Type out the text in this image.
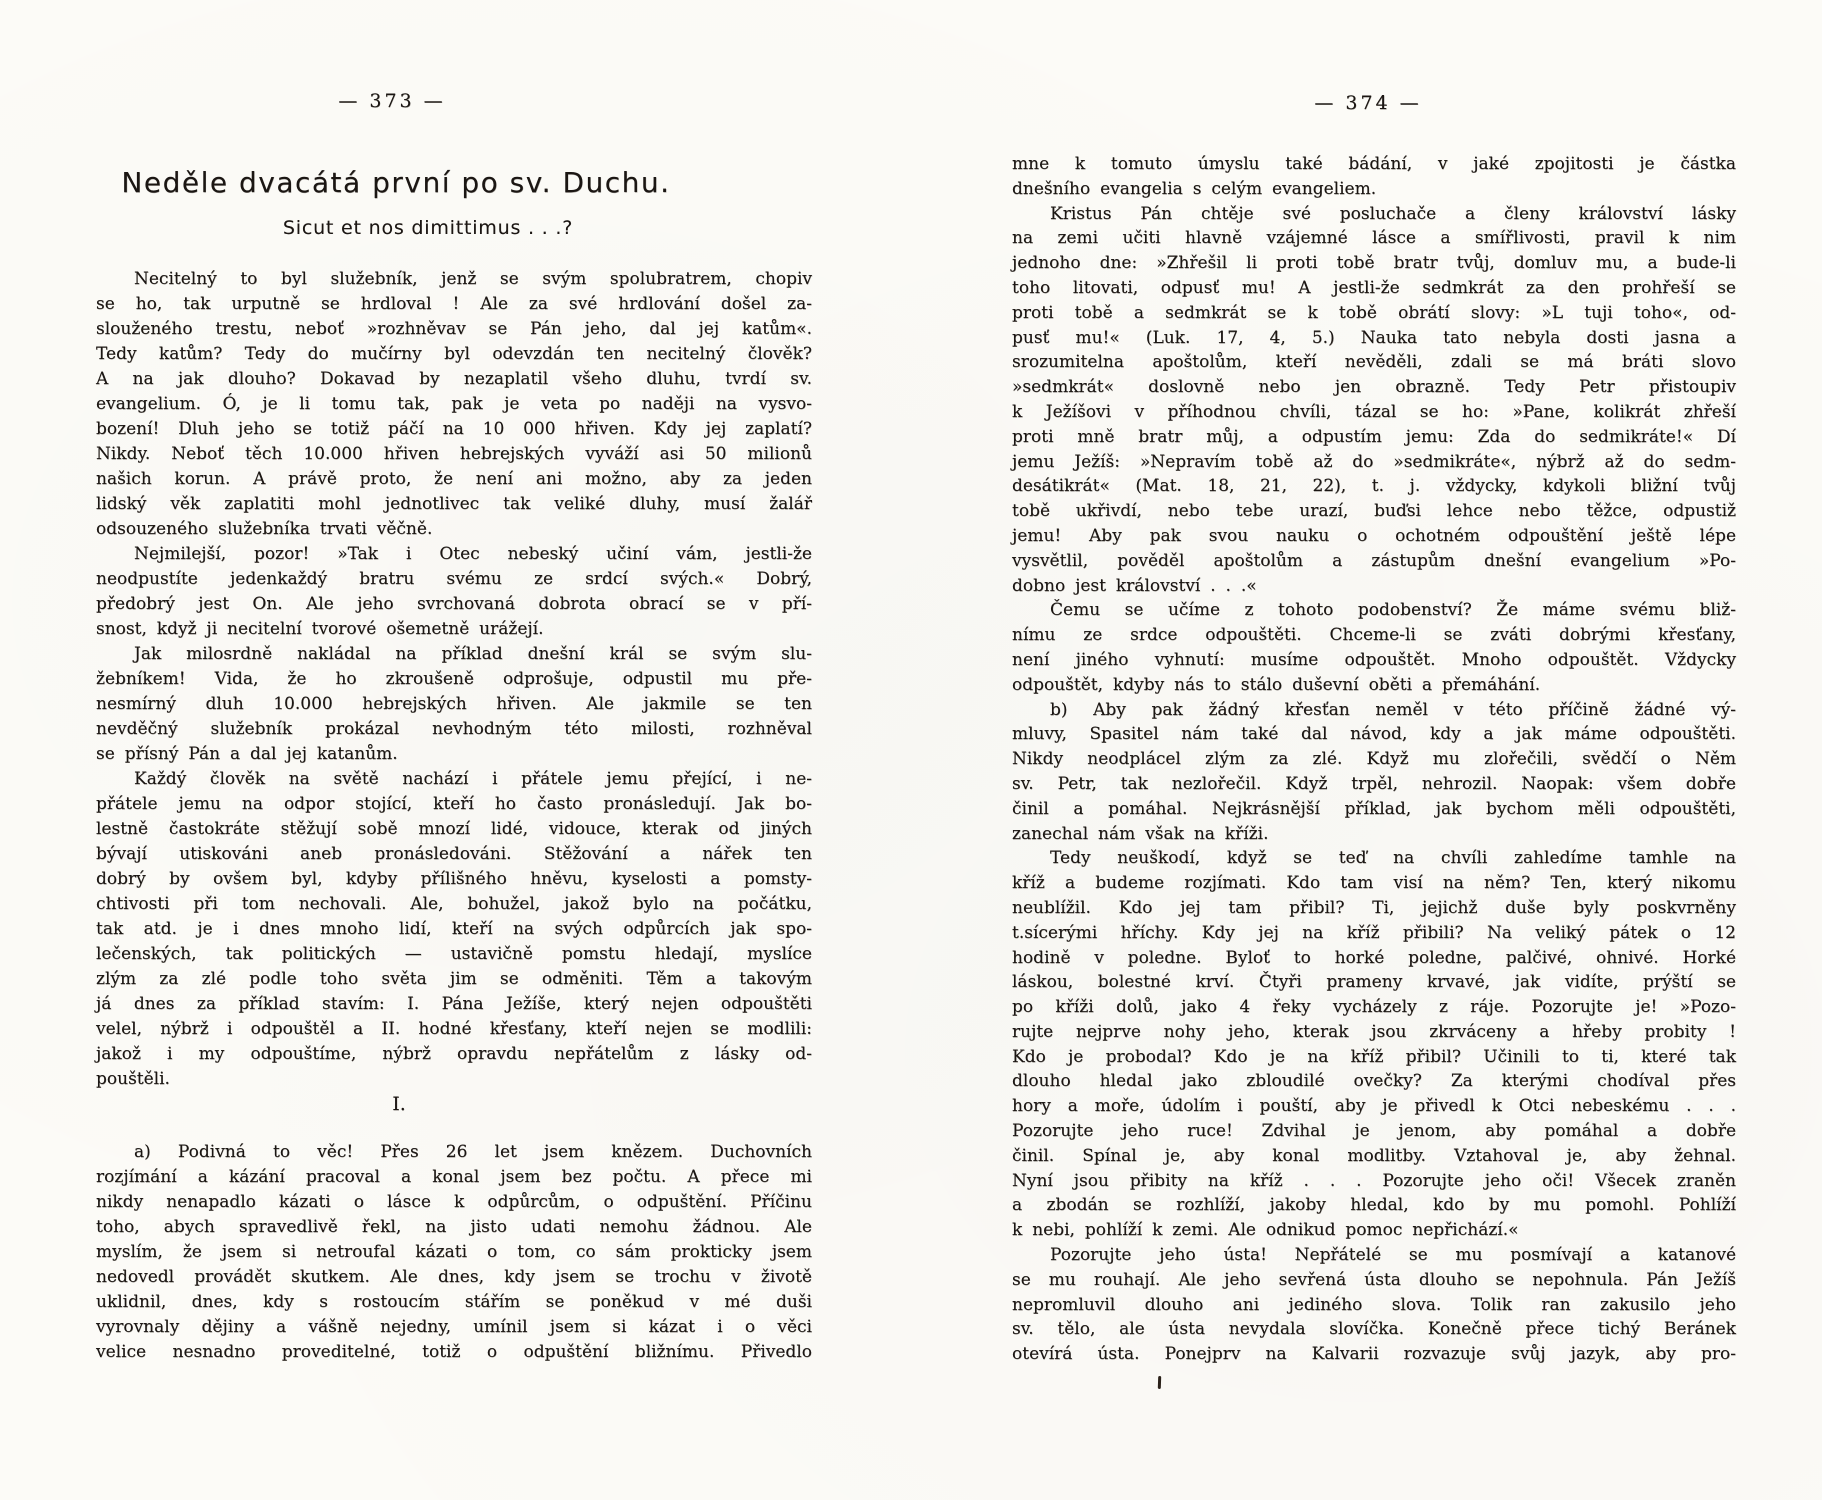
— 373 —
Neděle dvacátá první po sv. Duchu.
Sicut et nos dimittimus . . .?
Necitelný to byl služebník, jenž se svým spolubratrem, chopiv
se ho, tak urputně se hrdloval ! Ale za své hrdlování došel za-
slouženého trestu, neboť »rozhněvav se Pán jeho, dal jej katům«.
Tedy katům? Tedy do mučírny byl odevzdán ten necitelný člověk?
A na jak dlouho? Dokavad by nezaplatil všeho dluhu, tvrdí sv.
evangelium. Ó, je li tomu tak, pak je veta po naději na vysvo-
bození! Dluh jeho se totiž páčí na 10 000 hřiven. Kdy jej zaplatí?
Nikdy. Neboť těch 10.000 hřiven hebrejských vyváží asi 50 milionů
našich korun. A právě proto, že není ani možno, aby za jeden
lidský věk zaplatiti mohl jednotlivec tak veliké dluhy, musí žalář
odsouzeného služebníka trvati věčně.
Nejmilejší, pozor! »Tak i Otec nebeský učiní vám, jestli-že
neodpustíte jedenkaždý bratru svému ze srdcí svých.« Dobrý,
předobrý jest On. Ale jeho svrchovaná dobrota obrací se v pří-
snost, když ji necitelní tvorové ošemetně urážejí.
Jak milosrdně nakládal na příklad dnešní král se svým slu-
žebníkem! Vida, že ho zkroušeně odprošuje, odpustil mu pře-
nesmírný dluh 10.000 hebrejských hřiven. Ale jakmile se ten
nevděčný služebník prokázal nevhodným této milosti, rozhněval
se přísný Pán a dal jej katanům.
Každý člověk na světě nachází i přátele jemu přející, i ne-
přátele jemu na odpor stojící, kteří ho často pronásledují. Jak bo-
lestně častokráte stěžují sobě mnozí lidé, vidouce, kterak od jiných
bývají utiskováni aneb pronásledováni. Stěžování a nářek ten
dobrý by ovšem byl, kdyby přílišného hněvu, kyselosti a pomsty-
chtivosti při tom nechovali. Ale, bohužel, jakož bylo na počátku,
tak atd. je i dnes mnoho lidí, kteří na svých odpůrcích jak spo-
lečenských, tak politických — ustavičně pomstu hledají, myslíce
zlým za zlé podle toho světa jim se odměniti. Těm a takovým
já dnes za příklad stavím: I. Pána Ježíše, který nejen odpouštěti
velel, nýbrž i odpouštěl a II. hodné křesťany, kteří nejen se modlili:
jakož i my odpouštíme, nýbrž opravdu nepřátelům z lásky od-
pouštěli.
I.
a) Podivná to věc! Přes 26 let jsem knězem. Duchovních
rozjímání a kázání pracoval a konal jsem bez počtu. A přece mi
nikdy nenapadlo kázati o lásce k odpůrcům, o odpuštění. Příčinu
toho, abych spravedlivě řekl, na jisto udati nemohu žádnou. Ale
myslím, že jsem si netroufal kázati o tom, co sám prokticky jsem
nedovedl provádět skutkem. Ale dnes, kdy jsem se trochu v životě
uklidnil, dnes, kdy s rostoucím stářím se poněkud v mé duši
vyrovnaly dějiny a vášně nejedny, umínil jsem si kázat i o věci
velice nesnadno proveditelné, totiž o odpuštění bližnímu. Přivedlo
— 374 —
mne k tomuto úmyslu také bádání, v jaké zpojitosti je částka
dnešního evangelia s celým evangeliem.
Kristus Pán chtěje své posluchače a členy království lásky
na zemi učiti hlavně vzájemné lásce a smířlivosti, pravil k nim
jednoho dne: »Zhřešil li proti tobě bratr tvůj, domluv mu, a bude-li
toho litovati, odpusť mu! A jestli-že sedmkrát za den prohřeší se
proti tobě a sedmkrát se k tobě obrátí slovy: »L tuji toho«, od-
pusť mu!« (Luk. 17, 4, 5.) Nauka tato nebyla dosti jasna a
srozumitelna apoštolům, kteří nevěděli, zdali se má bráti slovo
»sedmkrát« doslovně nebo jen obrazně. Tedy Petr přistoupiv
k Ježíšovi v příhodnou chvíli, tázal se ho: »Pane, kolikrát zhřeší
proti mně bratr můj, a odpustím jemu: Zda do sedmikráte!« Dí
jemu Ježíš: »Nepravím tobě až do »sedmikráte«, nýbrž až do sedm-
desátikrát« (Mat. 18, 21, 22), t. j. vždycky, kdykoli bližní tvůj
tobě ukřivdí, nebo tebe urazí, buďsi lehce nebo těžce, odpustiž
jemu! Aby pak svou nauku o ochotném odpouštění ještě lépe
vysvětlil, pověděl apoštolům a zástupům dnešní evangelium »Po-
dobno jest království . . .«
Čemu se učíme z tohoto podobenství? Že máme svému bliž-
nímu ze srdce odpouštěti. Chceme-li se zváti dobrými křesťany,
není jiného vyhnutí: musíme odpouštět. Mnoho odpouštět. Vždycky
odpouštět, kdyby nás to stálo duševní oběti a přemáhání.
b) Aby pak žádný křesťan neměl v této příčině žádné vý-
mluvy, Spasitel nám také dal návod, kdy a jak máme odpouštěti.
Nikdy neodplácel zlým za zlé. Když mu zlořečili, svědčí o Něm
sv. Petr, tak nezlořečil. Když trpěl, nehrozil. Naopak: všem dobře
činil a pomáhal. Nejkrásnější příklad, jak bychom měli odpouštěti,
zanechal nám však na kříži.
Tedy neuškodí, když se teď na chvíli zahledíme tamhle na
kříž a budeme rozjímati. Kdo tam visí na něm? Ten, který nikomu
neublížil. Kdo jej tam přibil? Ti, jejichž duše byly poskvrněny
t.sícerými hříchy. Kdy jej na kříž přibili? Na veliký pátek o 12
hodině v poledne. Byloť to horké poledne, palčivé, ohnivé. Horké
láskou, bolestné krví. Čtyři prameny krvavé, jak vidíte, prýští se
po kříži dolů, jako 4 řeky vycházely z ráje. Pozorujte je! »Pozo-
rujte nejprve nohy jeho, kterak jsou zkrváceny a hřeby probity !
Kdo je probodal? Kdo je na kříž přibil? Učinili to ti, které tak
dlouho hledal jako zbloudilé ovečky? Za kterými chodíval přes
hory a moře, údolím i pouští, aby je přivedl k Otci nebeskému . . .
Pozorujte jeho ruce! Zdvihal je jenom, aby pomáhal a dobře
činil. Spínal je, aby konal modlitby. Vztahoval je, aby žehnal.
Nyní jsou přibity na kříž . . . Pozorujte jeho oči! Všecek zraněn
a zbodán se rozhlíží, jakoby hledal, kdo by mu pomohl. Pohlíží
k nebi, pohlíží k zemi. Ale odnikud pomoc nepřichází.«
Pozorujte jeho ústa! Nepřátelé se mu posmívají a katanové
se mu rouhají. Ale jeho sevřená ústa dlouho se nepohnula. Pán Ježíš
nepromluvil dlouho ani jediného slova. Tolik ran zakusilo jeho
sv. tělo, ale ústa nevydala slovíčka. Konečně přece tichý Beránek
otevírá ústa. Ponejprv na Kalvarii rozvazuje svůj jazyk, aby pro-
